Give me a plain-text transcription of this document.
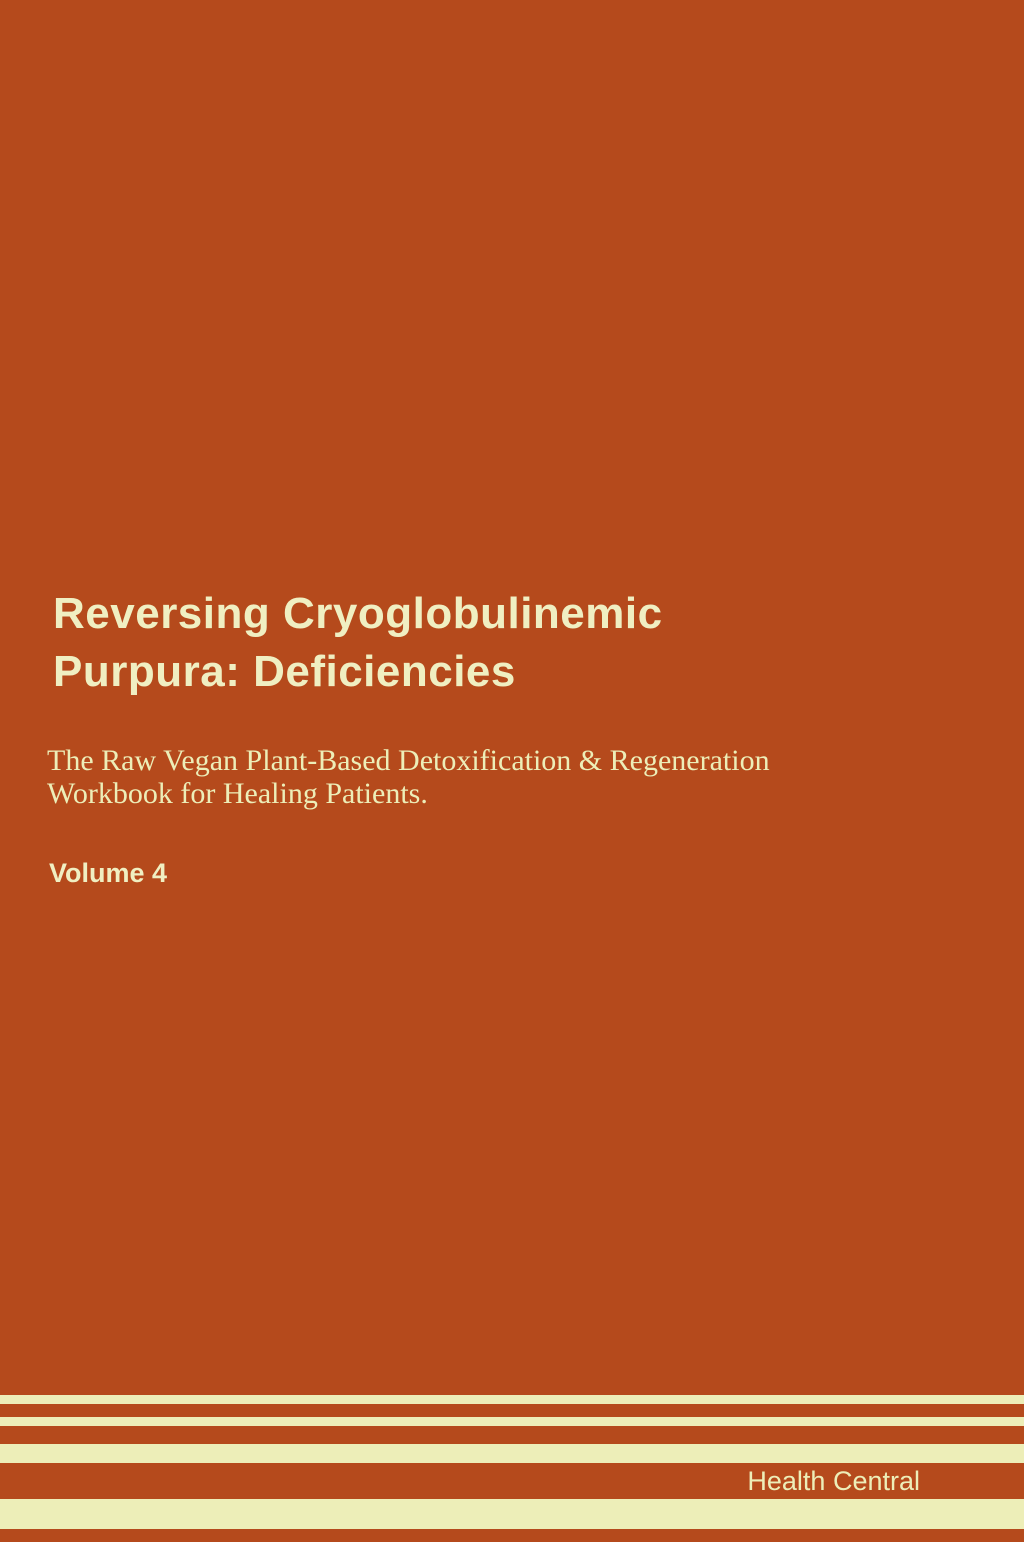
Reversing Cryoglobulinemic
Purpura: Deficiencies

The Raw Vegan Plant-Based Detoxification & Regeneration
Workbook for Healing Patients.

Volume 4

Health Central
